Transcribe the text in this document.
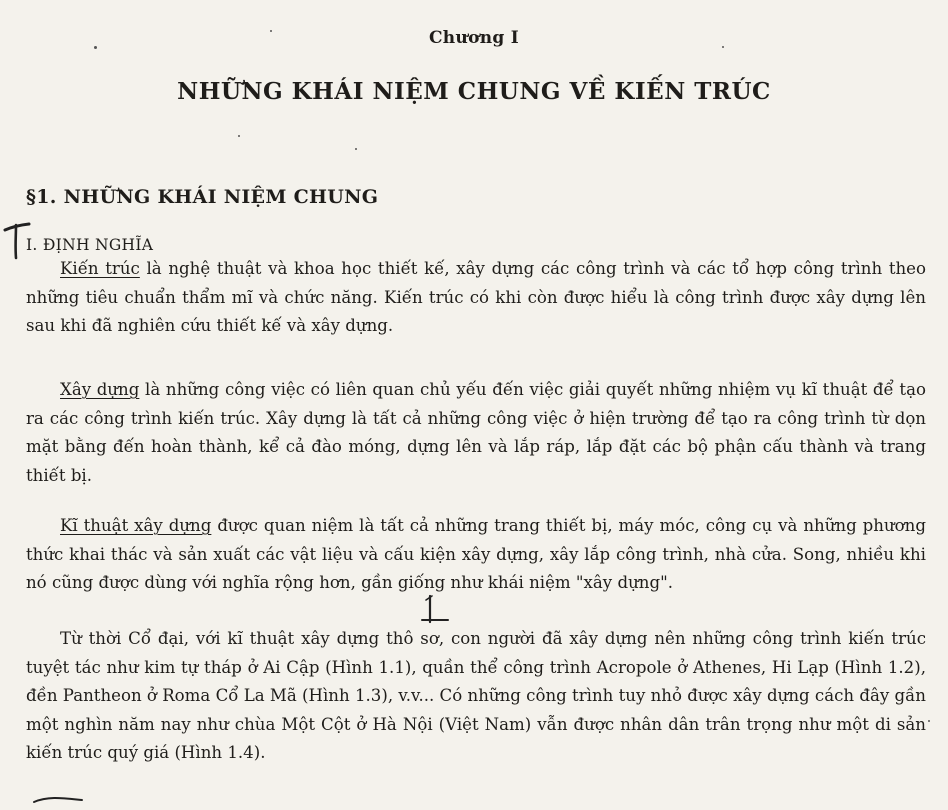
Chương I
NHỮNG KHÁI NIỆM CHUNG VỀ KIẾN TRÚC
§1. NHỮNG KHÁI NIỆM CHUNG
I. ĐỊNH NGHĨA

Kiến trúc là nghệ thuật và khoa học thiết kế, xây dựng các công trình và các tổ hợp công trình theo những tiêu chuẩn thẩm mĩ và chức năng. Kiến trúc có khi còn được hiểu là công trình được xây dựng lên sau khi đã nghiên cứu thiết kế và xây dựng.

Xây dựng là những công việc có liên quan chủ yếu đến việc giải quyết những nhiệm vụ kĩ thuật để tạo ra các công trình kiến trúc. Xây dựng là tất cả những công việc ở hiện trường để tạo ra công trình từ dọn mặt bằng đến hoàn thành, kể cả đào móng, dựng lên và lắp ráp, lắp đặt các bộ phận cấu thành và trang thiết bị.

Kĩ thuật xây dựng được quan niệm là tất cả những trang thiết bị, máy móc, công cụ và những phương thức khai thác và sản xuất các vật liệu và cấu kiện xây dựng, xây lắp công trình, nhà cửa. Song, nhiều khi nó cũng được dùng với nghĩa rộng hơn, gần giống như khái niệm "xây dựng".

Từ thời Cổ đại, với kĩ thuật xây dựng thô sơ, con người đã xây dựng nên những công trình kiến trúc tuyệt tác như kim tự tháp ở Ai Cập (Hình 1.1), quần thể công trình Acropole ở Athenes, Hi Lạp (Hình 1.2), đền Pantheon ở Roma Cổ La Mã (Hình 1.3), v.v... Có những công trình tuy nhỏ được xây dựng cách đây gần một nghìn năm nay như chùa Một Cột ở Hà Nội (Việt Nam) vẫn được nhân dân trân trọng như một di sản kiến trúc quý giá (Hình 1.4).
